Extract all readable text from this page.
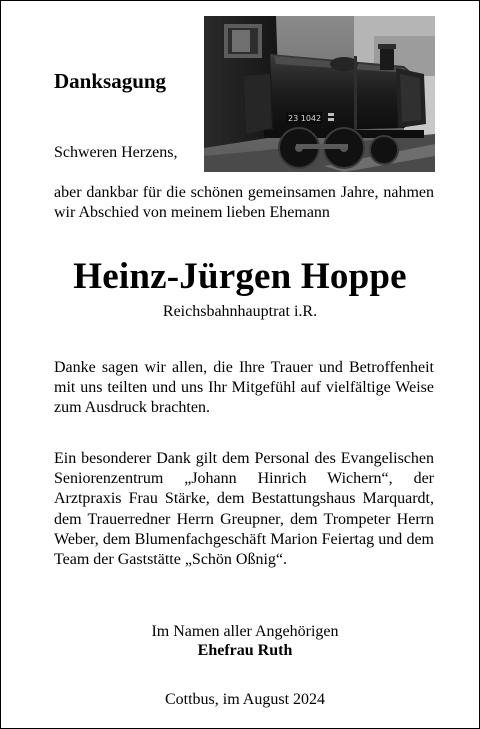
Danksagung
23 1042
Schweren Herzens,
aber dankbar für die schönen gemeinsamen Jahre, nahmen wir Abschied von meinem lieben Ehemann
Heinz-Jürgen Hoppe
Reichsbahnhauptrat i.R.
Danke sagen wir allen, die Ihre Trauer und Betroffenheit mit uns teilten und uns Ihr Mitgefühl auf vielfältige Weise zum Ausdruck brachten.
Ein besonderer Dank gilt dem Personal des Evangelischen Seniorenzentrum „Johann Hinrich Wichern“, der Arztpraxis Frau Stärke, dem Bestattungshaus Marquardt, dem Trauerredner Herrn Greupner, dem Trompeter Herrn Weber, dem Blumenfachgeschäft Marion Feiertag und dem Team der Gaststätte „Schön Oßnig“.
Im Namen aller Angehörigen
Ehefrau Ruth
Cottbus, im August 2024
